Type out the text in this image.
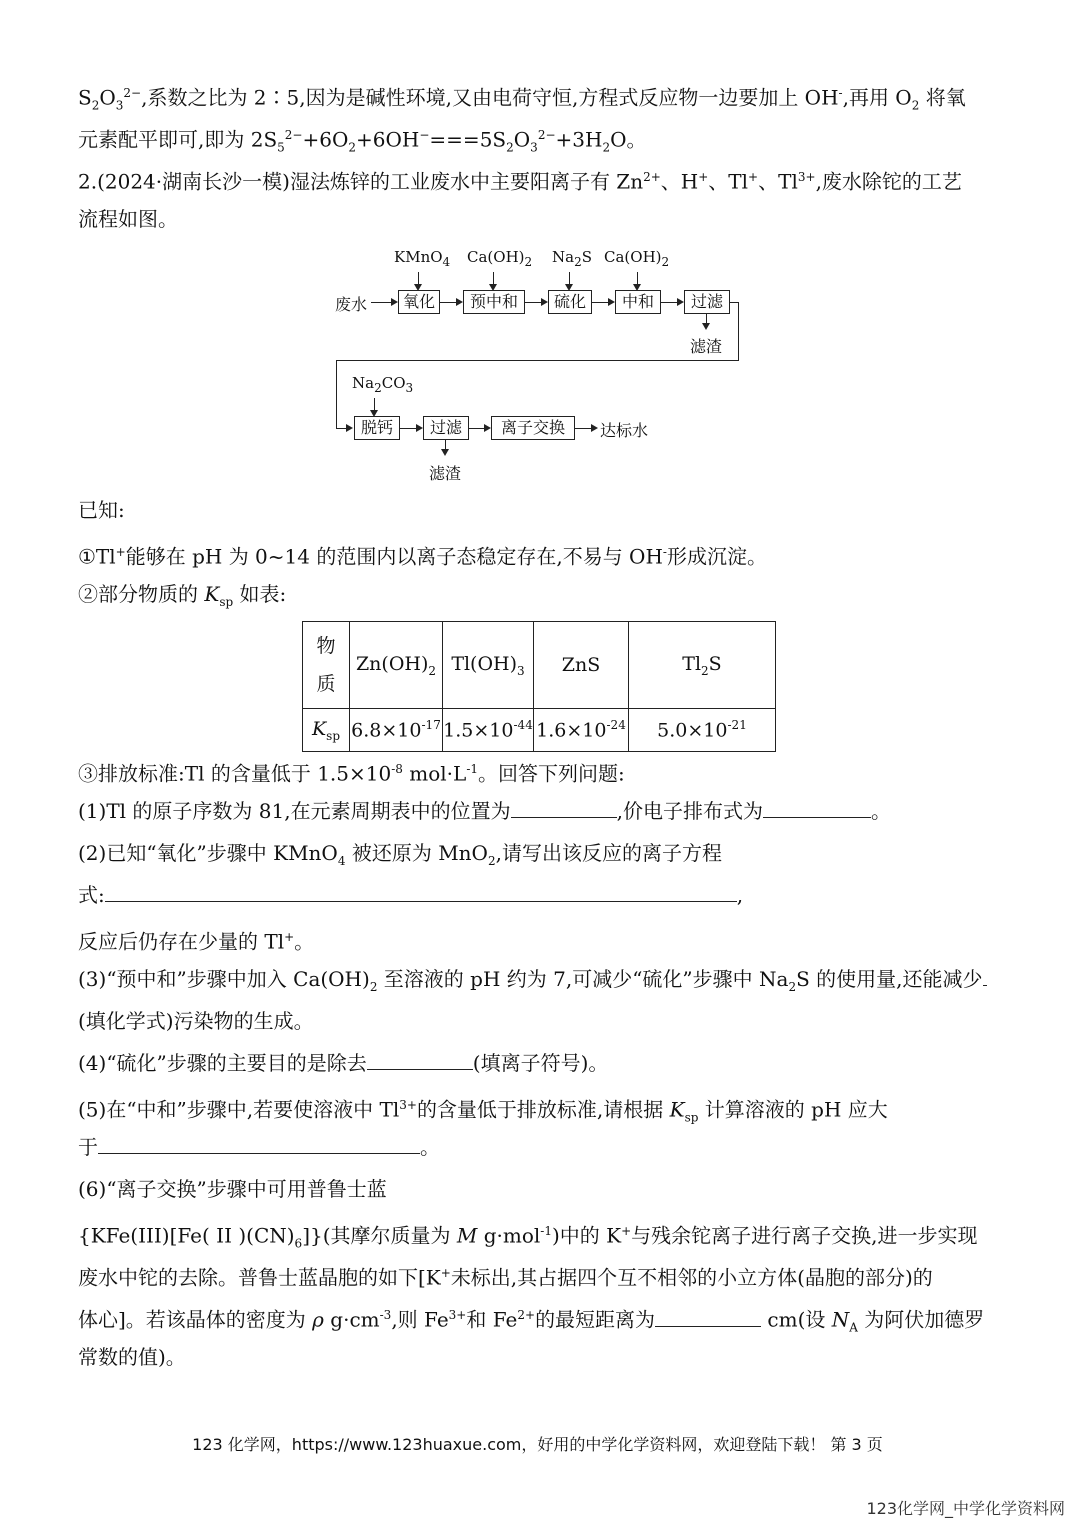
$S_2O_3^{2-}$,系数之比为 2∶5,因为是碱性环境,又由电荷守恒,方程式反应物一边要加上 OH-,再用 $O_2$ 将氧
元素配平即可,即为 $2S_5^{2-}+6O_2+6OH^-===5S_2O_3^{2-}+3H_2O$。
2.(2024·湖南长沙一模)湿法炼锌的工业废水中主要阳离子有 $Zn^{2+}$、H+、Tl+、$Tl^{3+}$,废水除铊的工艺
流程如图。
KMnO$_4$ $Ca(OH)_2$ $Na_2S$ $Ca(OH)_2$
废水	氧化	预中和	硫化	中和	过滤
滤渣
$Na_2CO_3$
脱钙	过滤	离子交换	达标水
滤渣
已知:
①Tl+能够在 pH 为 0~14 的范围内以离子态稳定存在,不易与 OH-形成沉淀。
②部分物质的 $K_{sp}$ 如表:
物
质	$Zn(OH)_2$	$Tl(OH)_3$	ZnS	$Tl_2S$
$K_{sp}$	$6.8\times 10^{-17}$	$1.5\times 10^{-44}$	$1.6\times 10^{-24}$	$5.0\times 10^{-21}$
③排放标准:Tl 的含量低于 $1.5\times 10^{-8}$ $mol\cdot L^{-1}$。回答下列问题:
(1)Tl 的原子序数为 81,在元素周期表中的位置为	,价电子排布式为	。
(2)已知“氧化”步骤中 KMnO$_4$ 被还原为 MnO$_2$,请写出该反应的离子方程
式:	,
反应后仍存在少量的 Tl+。
(3)“预中和”步骤中加入 $Ca(OH)_2$ 至溶液的 pH 约为 7,可减少“硫化”步骤中 $Na_2S$ 的使用量,还能减少
(填化学式)污染物的生成。
(4)“硫化”步骤的主要目的是除去	(填离子符号)。
(5)在“中和”步骤中,若要使溶液中 $Tl^{3+}$的含量低于排放标准,请根据 $K_{sp}$ 计算溶液的 pH 应大
于	。
(6)“离子交换”步骤中可用普鲁士蓝
{KFe(III)[Fe( II )$(CN)_6$]}(其摩尔质量为 M g·mol$^{-1}$)中的 K+与残余铊离子进行离子交换,进一步实现
废水中铊的去除。普鲁士蓝晶胞的如下[K+未标出,其占据四个互不相邻的小立方体(晶胞的部分)的
体心]。若该晶体的密度为 ρ $g\cdot cm^{-3}$,则 $Fe^{3+}$和 $Fe^{2+}$的最短距离为	cm(设 $N_A$ 为阿伏加德罗
常数的值)。
123 化学网，https://www.123huaxue.com，好用的中学化学资料网，欢迎登陆下载！ 第 3 页
123化学网_中学化学资料网
